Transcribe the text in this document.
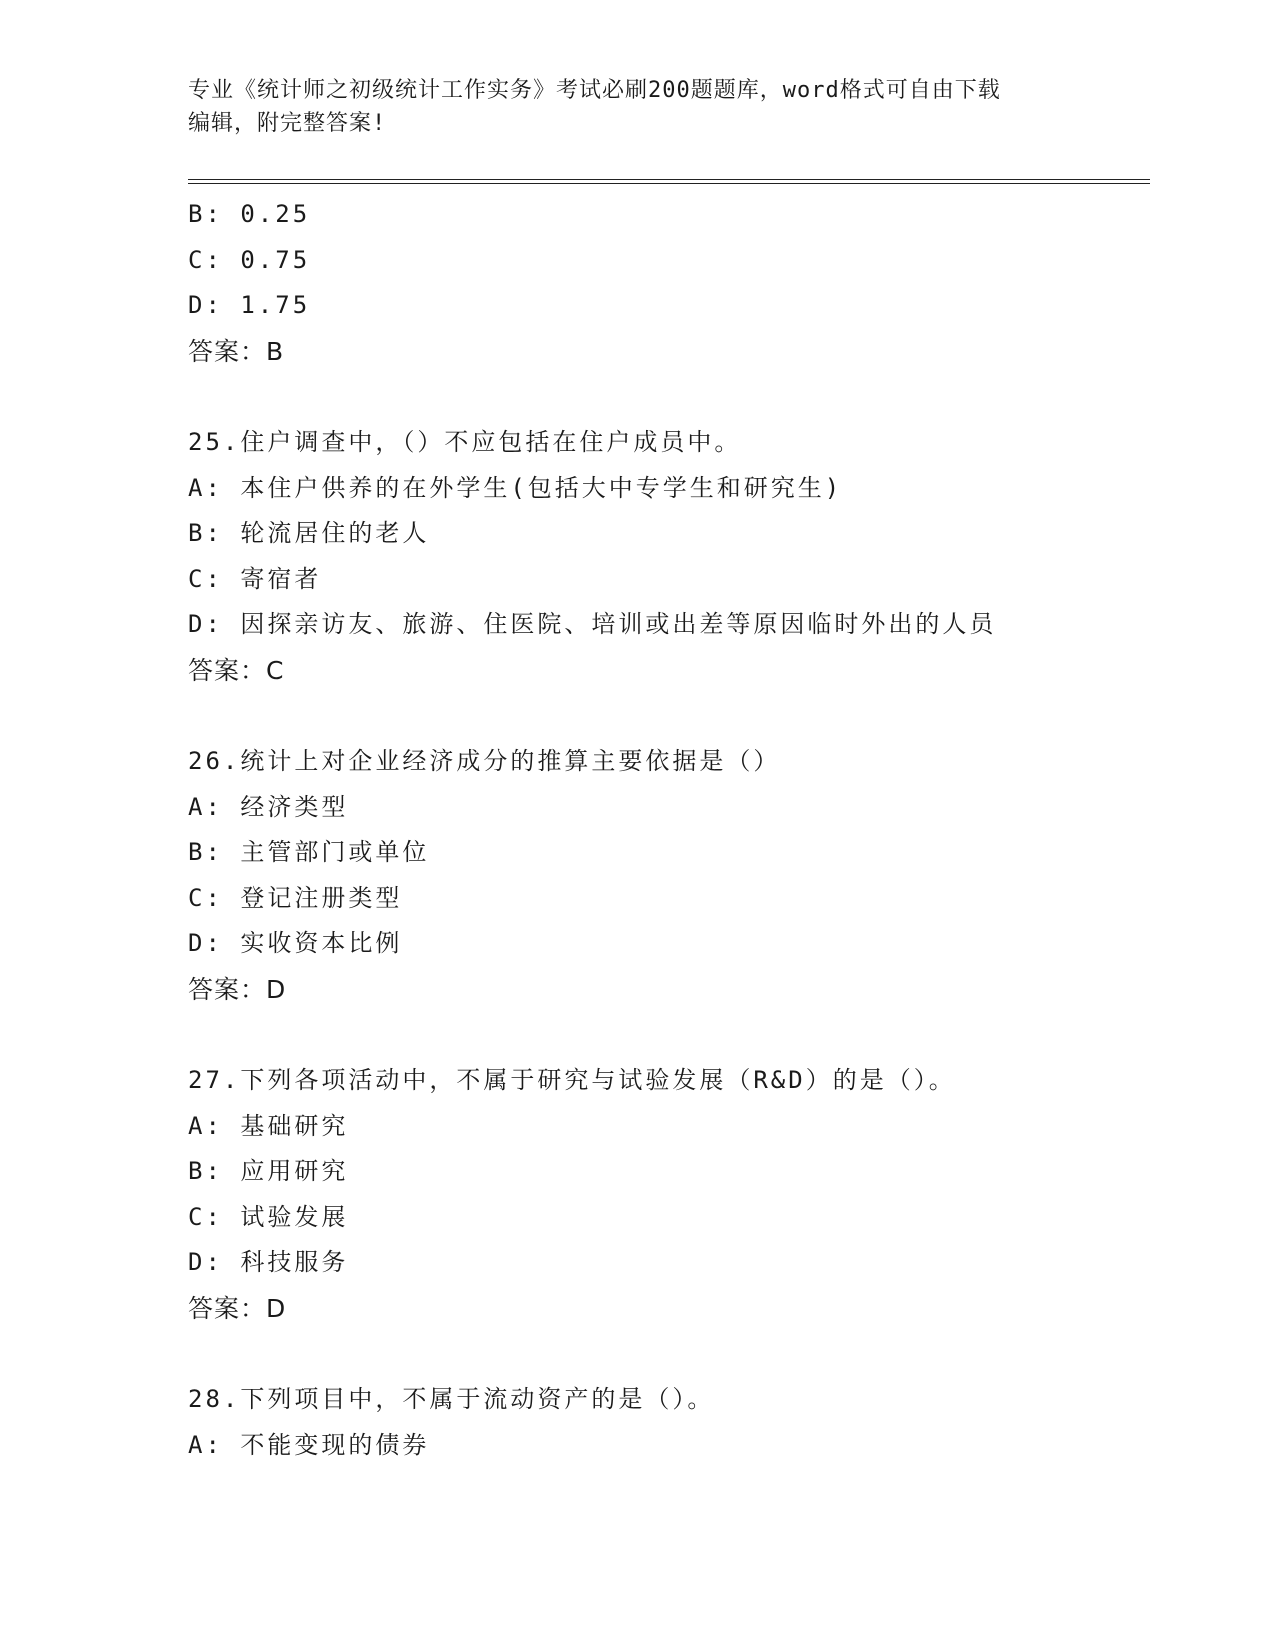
专业《统计师之初级统计工作实务》考试必刷200题题库，word格式可自由下载
编辑，附完整答案!
B: 0.25
C: 0.75
D: 1.75
答案：B
25.住户调查中，（）不应包括在住户成员中。
A: 本住户供养的在外学生(包括大中专学生和研究生)
B: 轮流居住的老人
C: 寄宿者
D: 因探亲访友、旅游、住医院、培训或出差等原因临时外出的人员
答案：C
26.统计上对企业经济成分的推算主要依据是（）
A: 经济类型
B: 主管部门或单位
C: 登记注册类型
D: 实收资本比例
答案：D
27.下列各项活动中，不属于研究与试验发展（R&D）的是（）。
A: 基础研究
B: 应用研究
C: 试验发展
D: 科技服务
答案：D
28.下列项目中，不属于流动资产的是（）。
A: 不能变现的债券
